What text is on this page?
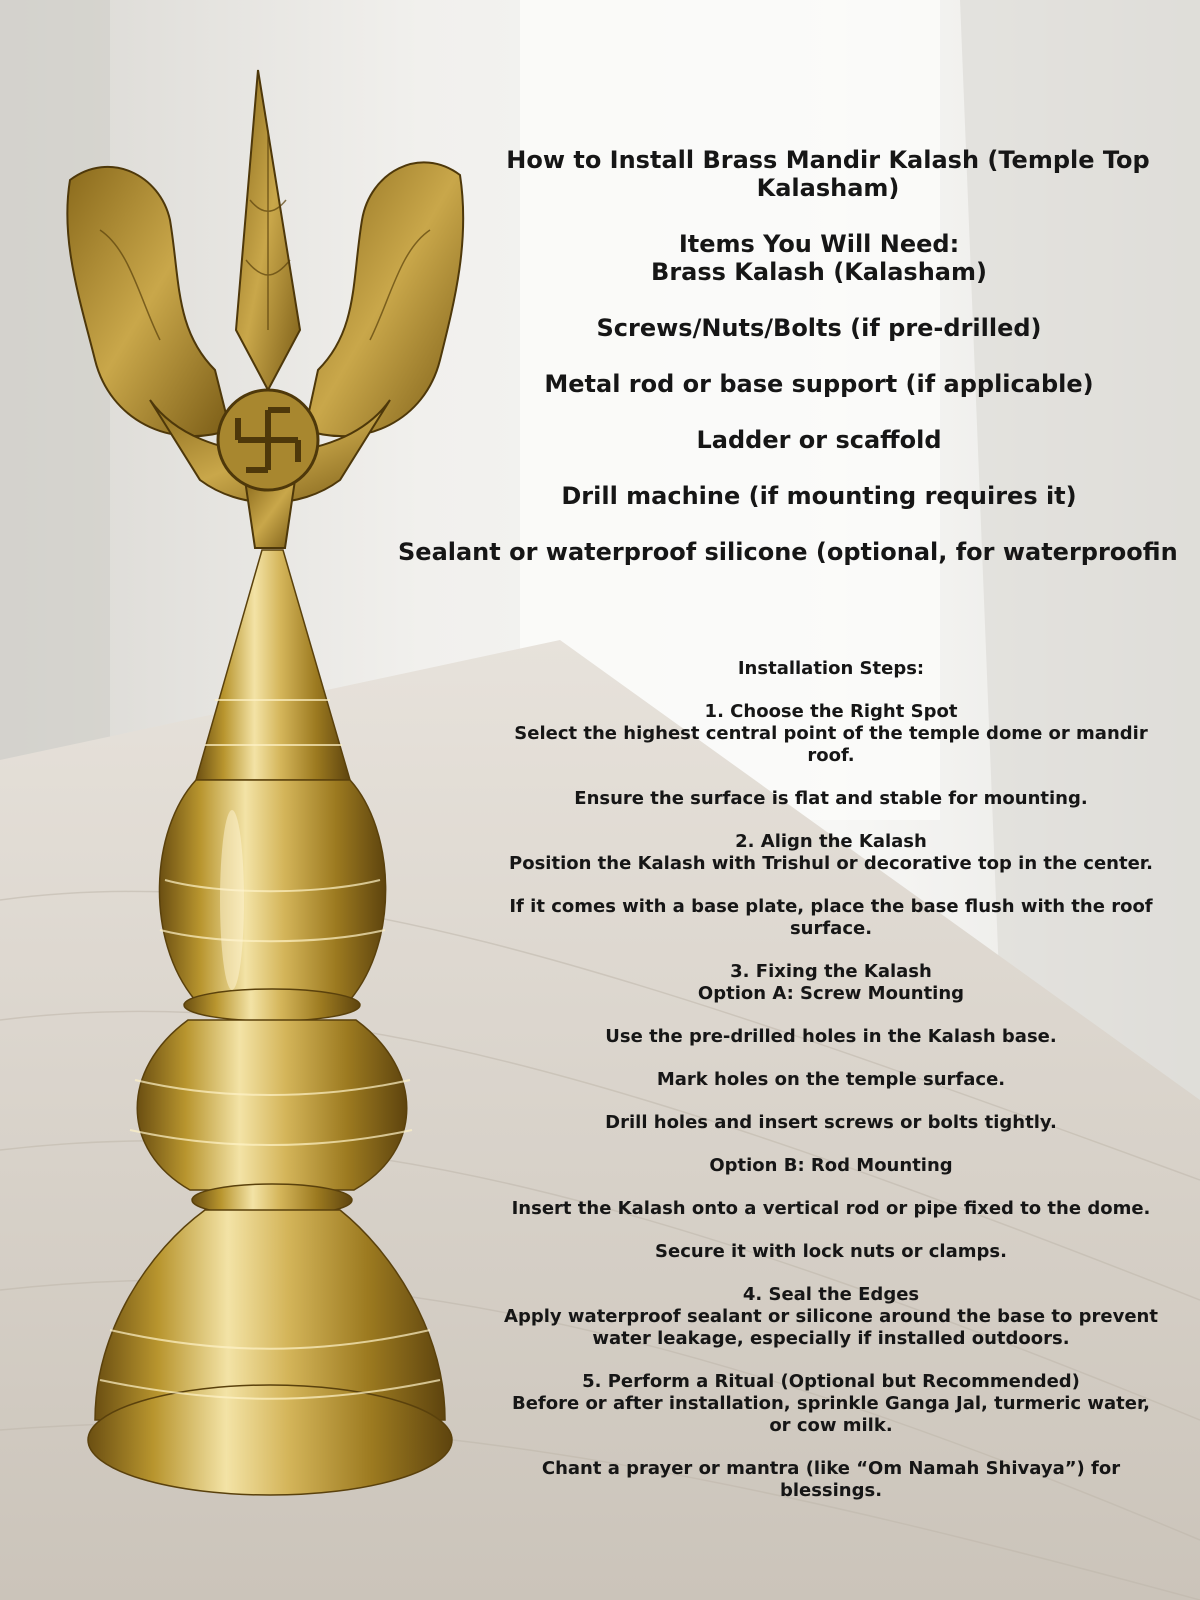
How to Install Brass Mandir Kalash (Temple Top
Kalasham)
Items You Will Need:
Brass Kalash (Kalasham)
Screws/Nuts/Bolts (if pre-drilled)
Metal rod or base support (if applicable)
Ladder or scaffold
Drill machine (if mounting requires it)
Sealant or waterproof silicone (optional, for waterproofin
Installation Steps:
1. Choose the Right Spot
Select the highest central point of the temple dome or mandir
roof.
Ensure the surface is flat and stable for mounting.
2. Align the Kalash
Position the Kalash with Trishul or decorative top in the center.
If it comes with a base plate, place the base flush with the roof
surface.
3. Fixing the Kalash
Option A: Screw Mounting
Use the pre-drilled holes in the Kalash base.
Mark holes on the temple surface.
Drill holes and insert screws or bolts tightly.
Option B: Rod Mounting
Insert the Kalash onto a vertical rod or pipe fixed to the dome.
Secure it with lock nuts or clamps.
4. Seal the Edges
Apply waterproof sealant or silicone around the base to prevent
water leakage, especially if installed outdoors.
5. Perform a Ritual (Optional but Recommended)
Before or after installation, sprinkle Ganga Jal, turmeric water,
or cow milk.
Chant a prayer or mantra (like “Om Namah Shivaya”) for
blessings.
